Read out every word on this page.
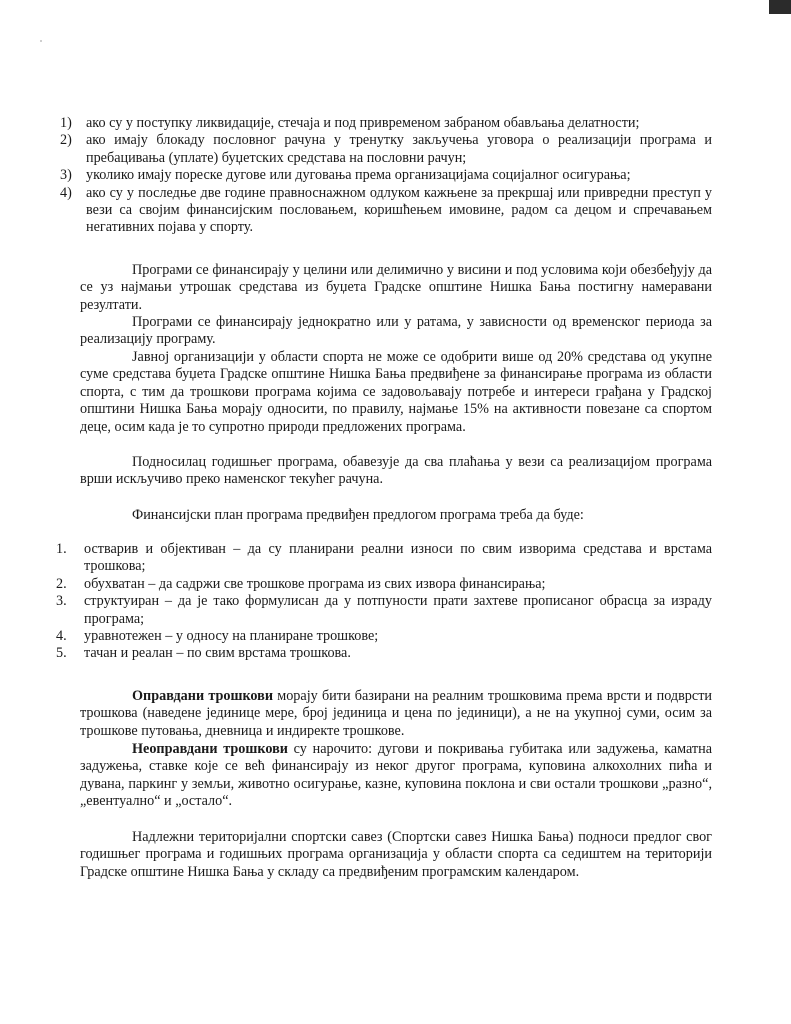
1) ако су у поступку ликвидације, стечаја и под привременом забраном обављања делатности;
2) ако имају блокаду пословног рачуна у тренутку закључења уговора о реализацији програма и пребацивања (уплате) буџетских средстава на пословни рачун;
3) уколико имају пореске дугове или дуговања према организацијама социјалног осигурања;
4) ако су у последње две године правноснажном одлуком кажњене за прекршај или привредни преступ у вези са својим финансијским пословањем, коришћењем имовине, радом са децом и спречавањем негативних појава у спорту.

Програми се финансирају у целини или делимично у висини и под условима који обезбеђују да се уз најмањи утрошак средстава из буџета Градске општине Нишка Бања постигну намеравани резултати.

Програми се финансирају једнократно или у ратама, у зависности од временског периода за реализацију програму.

Јавној организацији у области спорта не може се одобрити више од 20% средстава од укупне суме средстава буџета Градске општине Нишка Бања предвиђене за финансирање програма из области спорта, с тим да трошкови програма којима се задовољавају потребе и интереси грађана у Градској општини Нишка Бања морају односити, по правилу, најмање 15% на активности повезане са спортом деце, осим када је то супротно природи предложених програма.

Подносилац годишњег програма, обавезује да сва плаћања у вези са реализацијом програма врши искључиво преко наменског текућег рачуна.

Финансијски план програма предвиђен предлогом програма треба да буде:

1. остварив и објективан – да су планирани реални износи по свим изворима средстава и врстама трошкова;
2. обухватан – да садржи све трошкове програма из свих извора финансирања;
3. структуиран – да је тако формулисан да у потпуности прати захтеве прописаног обрасца за израду програма;
4. уравнотежен – у односу на планиране трошкове;
5. тачан и реалан – по свим врстама трошкова.

Оправдани трошкови морају бити базирани на реалним трошковима према врсти и подврсти трошкова (наведене јединице мере, број јединица и цена по јединици), а не на укупној суми, осим за трошкове путовања, дневница и индиректе трошкове.

Неоправдани трошкови су нарочито: дугови и покривања губитака или задужења, каматна задужења, ставке које се већ финансирају из неког другог програма, куповина алкохолних пића и дувана, паркинг у земљи, животно осигурање, казне, куповина поклона и сви остали трошкови „разно“, „евентуално“ и „остало“.

Надлежни територијални спортски савез (Спортски савез Нишка Бања) подноси предлог свог годишњег програма и годишњих програма организација у области спорта са седиштем на територији Градске општине Нишка Бања у складу са предвиђеним програмским календаром.
